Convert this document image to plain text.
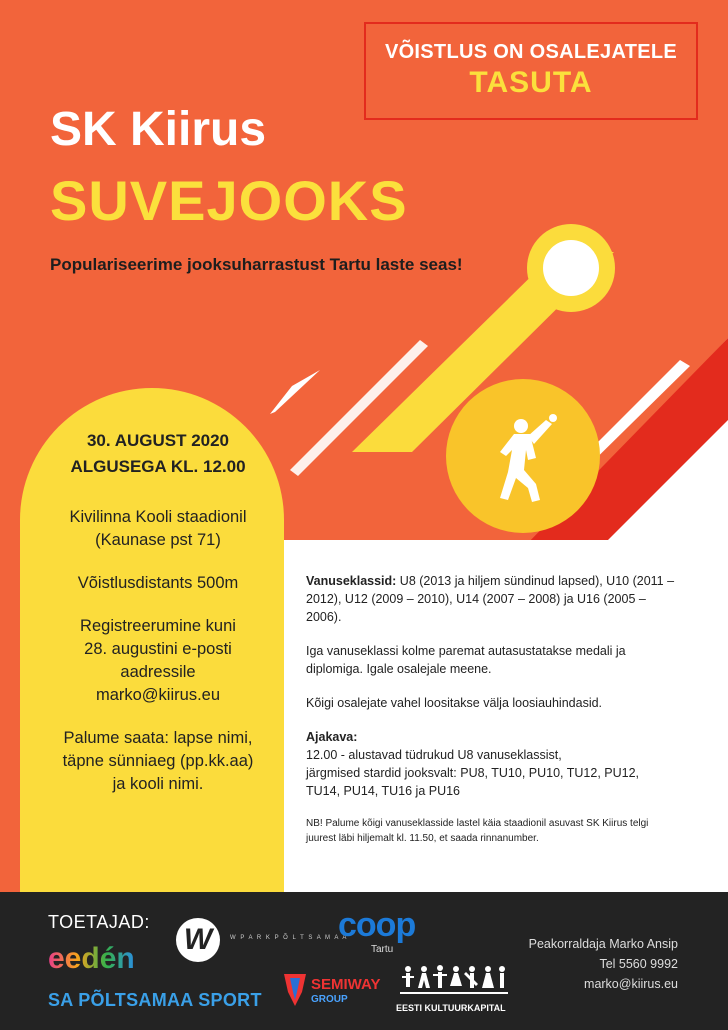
VÕISTLUS ON OSALEJATELE
TASUTA
SK Kiirus
SUVEJOOKS
Populariseerime jooksuharrastust Tartu laste seas!

30. AUGUST 2020
ALGUSEGA KL. 12.00

Kivilinna Kooli staadionil
(Kaunase pst 71)

Võistlusdistants 500m

Registreerumine kuni
28. augustini e-posti
aadressile
marko@kiirus.eu

Palume saata: lapse nimi,
täpne sünniaeg (pp.kk.aa)
ja kooli nimi.

Vanuseklassid: U8 (2013 ja hiljem sündinud lapsed), U10 (2011 – 2012), U12 (2009 – 2010), U14 (2007 – 2008) ja U16 (2005 – 2006).

Iga vanuseklassi kolme paremat autasustatakse medali ja diplomiga. Igale osalejale meene.

Kõigi osalejate vahel loositakse välja loosiauhindasid.

Ajakava:
12.00 - alustavad tüdrukud U8 vanuseklassist,
järgmised stardid jooksvalt: PU8, TU10, PU10, TU12, PU12, TU14, PU14, TU16 ja PU16

NB! Palume kõigi vanuseklasside lastel käia staadionil asuvast SK Kiirus telgi juurest läbi hiljemalt kl. 11.50, et saada rinnanumber.

TOETAJAD:
eedén
SA PÕLTSAMAA SPORT
W	W P A R K P Õ L T S A M A A
coop
Tartu
SEMIWAY
GROUP
EESTI KULTUURKAPITAL
Peakorraldaja Marko Ansip
Tel 5560 9992
marko@kiirus.eu
